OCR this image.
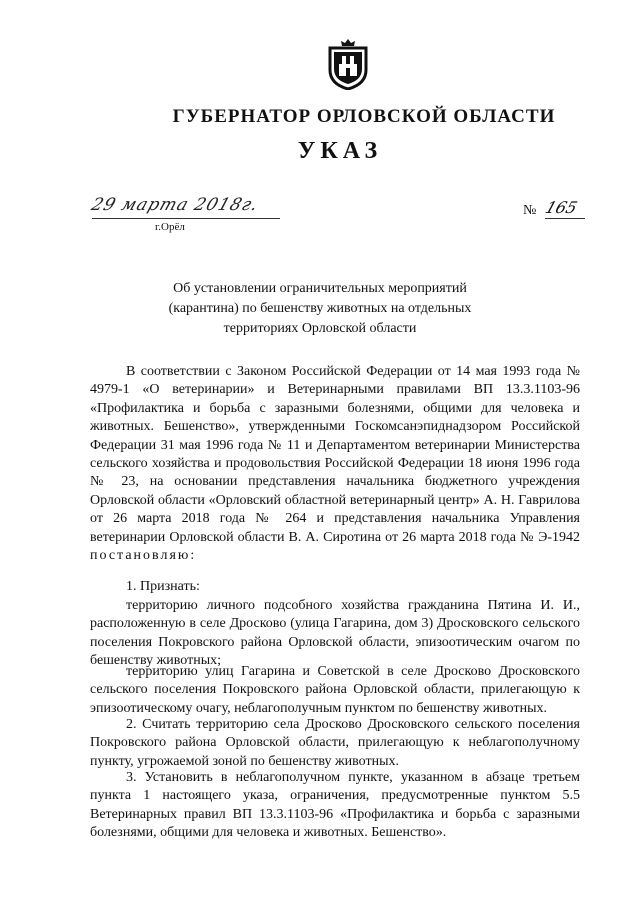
ГУБЕРНАТОР ОРЛОВСКОЙ ОБЛАСТИ
УКАЗ
29 марта 2018г.
г.Орёл
№ 165
Об установлении ограничительных мероприятий
(карантина) по бешенству животных на отдельных
территориях Орловской области
В соответствии с Законом Российской Федерации от 14 мая 1993 года № 4979-1 «О ветеринарии» и Ветеринарными правилами ВП 13.3.1103-96 «Профилактика и борьба с заразными болезнями, общими для человека и животных. Бешенство», утвержденными Госкомсанэпиднадзором Российской Федерации 31 мая 1996 года № 11 и Департаментом ветеринарии Министерства сельского хозяйства и продовольствия Российской Федерации 18 июня 1996 года № 23, на основании представления начальника бюджетного учреждения Орловской области «Орловский областной ветеринарный центр» А. Н. Гаврилова от 26 марта 2018 года № 264 и представления начальника Управления ветеринарии Орловской области В. А. Сиротина от 26 марта 2018 года № Э-1942 постановляю:
1. Признать:
территорию личного подсобного хозяйства гражданина Пятина И. И., расположенную в селе Дросково (улица Гагарина, дом 3) Дросковского сельского поселения Покровского района Орловской области, эпизоотическим очагом по бешенству животных;
территорию улиц Гагарина и Советской в селе Дросково Дросковского сельского поселения Покровского района Орловской области, прилегающую к эпизоотическому очагу, неблагополучным пунктом по бешенству животных.
2. Считать территорию села Дросково Дросковского сельского поселения Покровского района Орловской области, прилегающую к неблагополучному пункту, угрожаемой зоной по бешенству животных.
3. Установить в неблагополучном пункте, указанном в абзаце третьем пункта 1 настоящего указа, ограничения, предусмотренные пунктом 5.5 Ветеринарных правил ВП 13.3.1103-96 «Профилактика и борьба с заразными болезнями, общими для человека и животных. Бешенство».
